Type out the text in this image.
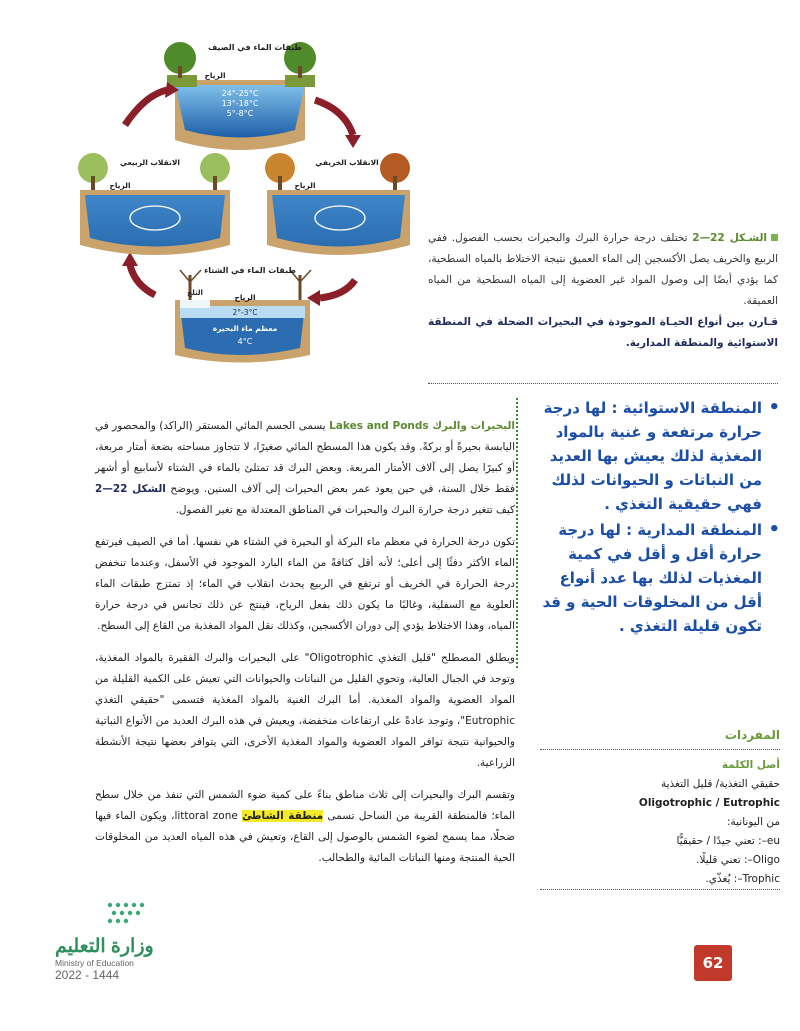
طبقات الماء في الصيف
الرياح
24°-25°C
13°-18°C
5°-8°C
الانقلاب الربيعي
الرياح
الانقلاب الخريفي
الرياح
طبقات الماء في الشتاء
الثلج	الرياح
2°-3°C
معظم ماء البحيرة
4°C
الشـكل 22—2 تختلف درجة حرارة البرك والبحيرات بحسب الفصول. ففي الربيع والخريف يصل الأكسجين إلى الماء العميق نتيجة الاختلاط بالمياه السطحية، كما يؤدي أيضًا إلى وصول المواد غير العضوية إلى المياه السطحية من المياه العميقة.
قـارن بين أنواع الحيـاة الموجودة في البحيرات الضحلة في المنطقة الاستوائية والمنطقة المدارية.
• المنطقة الاستوائية : لها درجة حرارة مرتفعة و غنية بالمواد المغذية لذلك يعيش بها العديد من النباتات و الحيوانات لذلك فهي حقيقية التغذي .
• المنطقة المدارية : لها درجة حرارة أقل و أقل في كمية المغذيات لذلك بها عدد أنواع أقل من المخلوقات الحية و قد تكون قليلة التغذي .

البحيرات والبرك Lakes and Ponds يسمى الجسم المائي المستقر (الراكد) والمحصور في اليابسة بحيرةً أو بركةً. وقد يكون هذا المسطح المائي صغيرًا، لا تتجاوز مساحته بضعة أمتار مربعة، أو كبيرًا يصل إلى آلاف الأمتار المربعة. وبعض البرك قد تمتلئ بالماء في الشتاء لأسابيع أو أشهر فقط خلال السنة، في حين يعود عمر بعض البحيرات إلى آلاف السنين. ويوضح الشكل 22—2 كيف تتغير درجة حرارة البرك والبحيرات في المناطق المعتدلة مع تغير الفصول.

تكون درجة الحرارة في معظم ماء البركة أو البحيرة في الشتاء هي نفسها. أما في الصيف فيرتفع الماء الأكثر دفئًا إلى أعلى؛ لأنه أقل كثافةً من الماء البارد الموجود في الأسفل، وعندما تنخفض درجة الحرارة في الخريف أو ترتفع في الربيع يحدث انقلاب في الماء؛ إذ تمتزج طبقات الماء العلوية مع السفلية، وغالبًا ما يكون ذلك بفعل الرياح، فينتج عن ذلك تجانس في درجة حرارة المياه، وهذا الاختلاط يؤدي إلى دوران الأكسجين، وكذلك نقل المواد المغذية من القاع إلى السطح.

ويطلق المصطلح "قليل التغذي Oligotrophic" على البحيرات والبرك الفقيرة بالمواد المغذية، وتوجد في الجبال العالية، وتحوي القليل من النباتات والحيوانات التي تعيش على الكمية القليلة من المواد العضوية والمواد المغذية. أما البرك الغنية بالمواد المغذية فتسمى "حقيقي التغذي Eutrophic"، وتوجد عادةً على ارتفاعات منخفضة، ويعيش في هذه البرك العديد من الأنواع النباتية والحيوانية نتيجة توافر المواد العضوية والمواد المغذية الأخرى، التي يتوافر بعضها نتيجة الأنشطة الزراعية.

وتقسم البرك والبحيرات إلى ثلاث مناطق بناءً على كمية ضوء الشمس التي تنفذ من خلال سطح الماء؛ فالمنطقة القريبة من الساحل تسمى منطقة الشاطئ littoral zone، ويكون الماء فيها ضحلًا، مما يسمح لضوء الشمس بالوصول إلى القاع، وتعيش في هذه المياه العديد من المخلوقات الحية المنتجة ومنها النباتات المائية والطحالب.

المفردات
أصل الكلمة
حقيقي التغذية/ قليل التغذية
Oligotrophic / Eutrophic
من اليونانية:
eu–: تعني جيدًا / حقيقيًّا
Oligo–: تعني قليلًا.
Trophic–: يُغذّي.
وزارة التعليم
Ministry of Education
2022 - 1444
62
